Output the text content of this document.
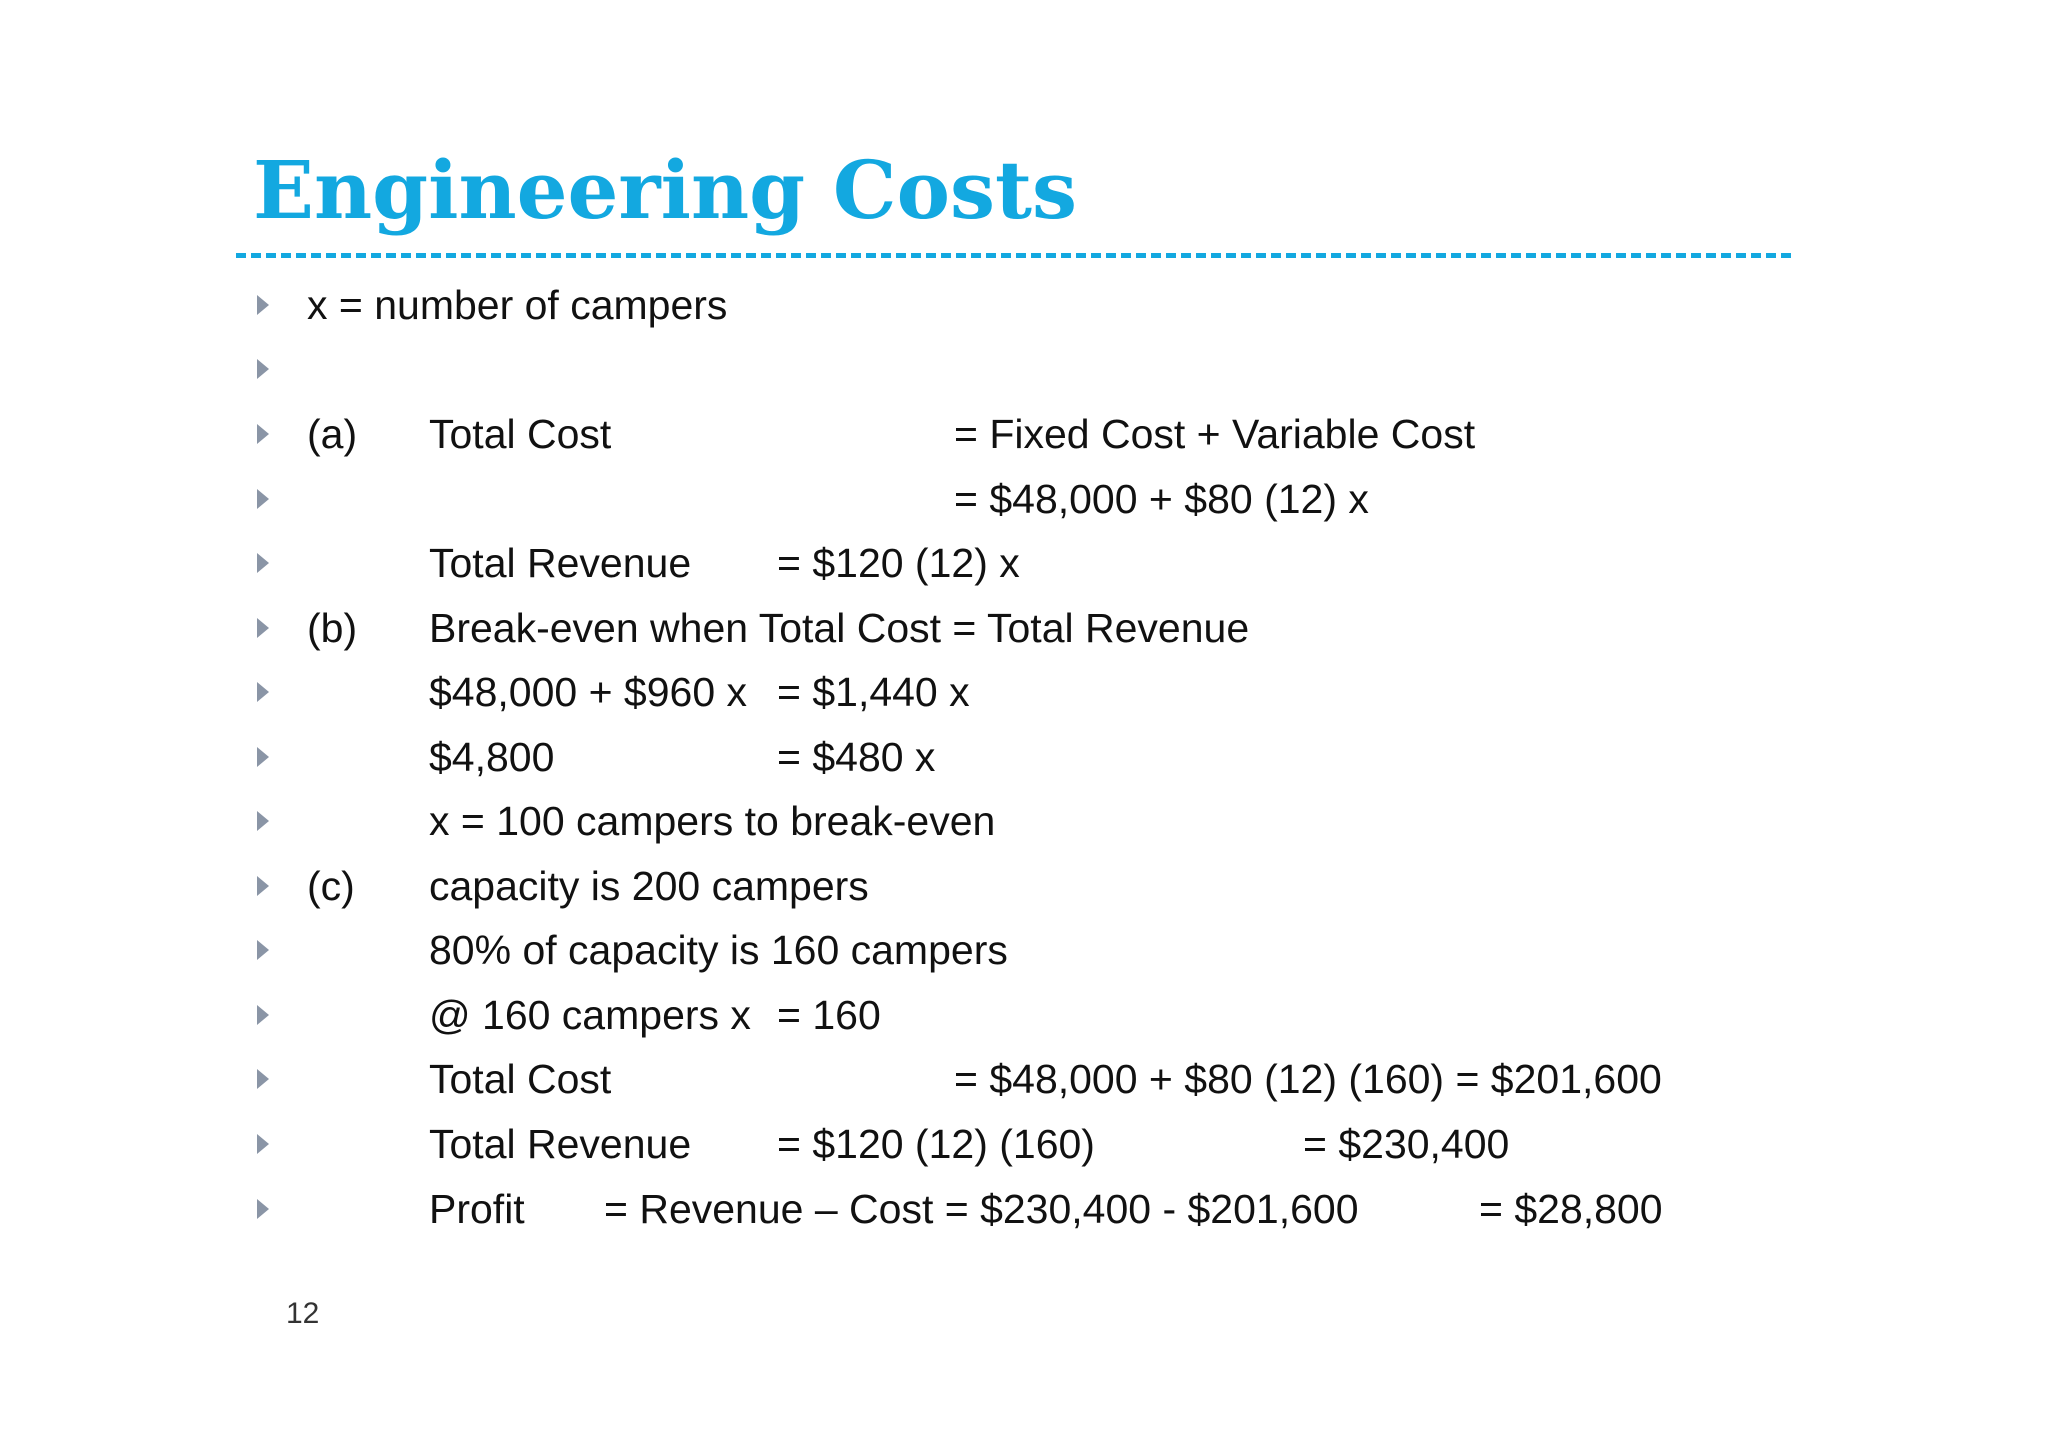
Engineering Costs
x = number of campers
(a) Total Cost	= Fixed Cost + Variable Cost
= $48,000 + $80 (12) x
Total Revenue = $120 (12) x
(b) Break-even when Total Cost = Total Revenue
$48,000 + $960 x = $1,440 x
$4,800	= $480 x
x = 100 campers to break-even
(c) capacity is 200 campers
80% of capacity is 160 campers
@ 160 campers x = 160
Total Cost	= $48,000 + $80 (12) (160) = $201,600
Total Revenue = $120 (12) (160)	= $230,400
Profit = Revenue – Cost = $230,400 - $201,600	= $28,800
12
